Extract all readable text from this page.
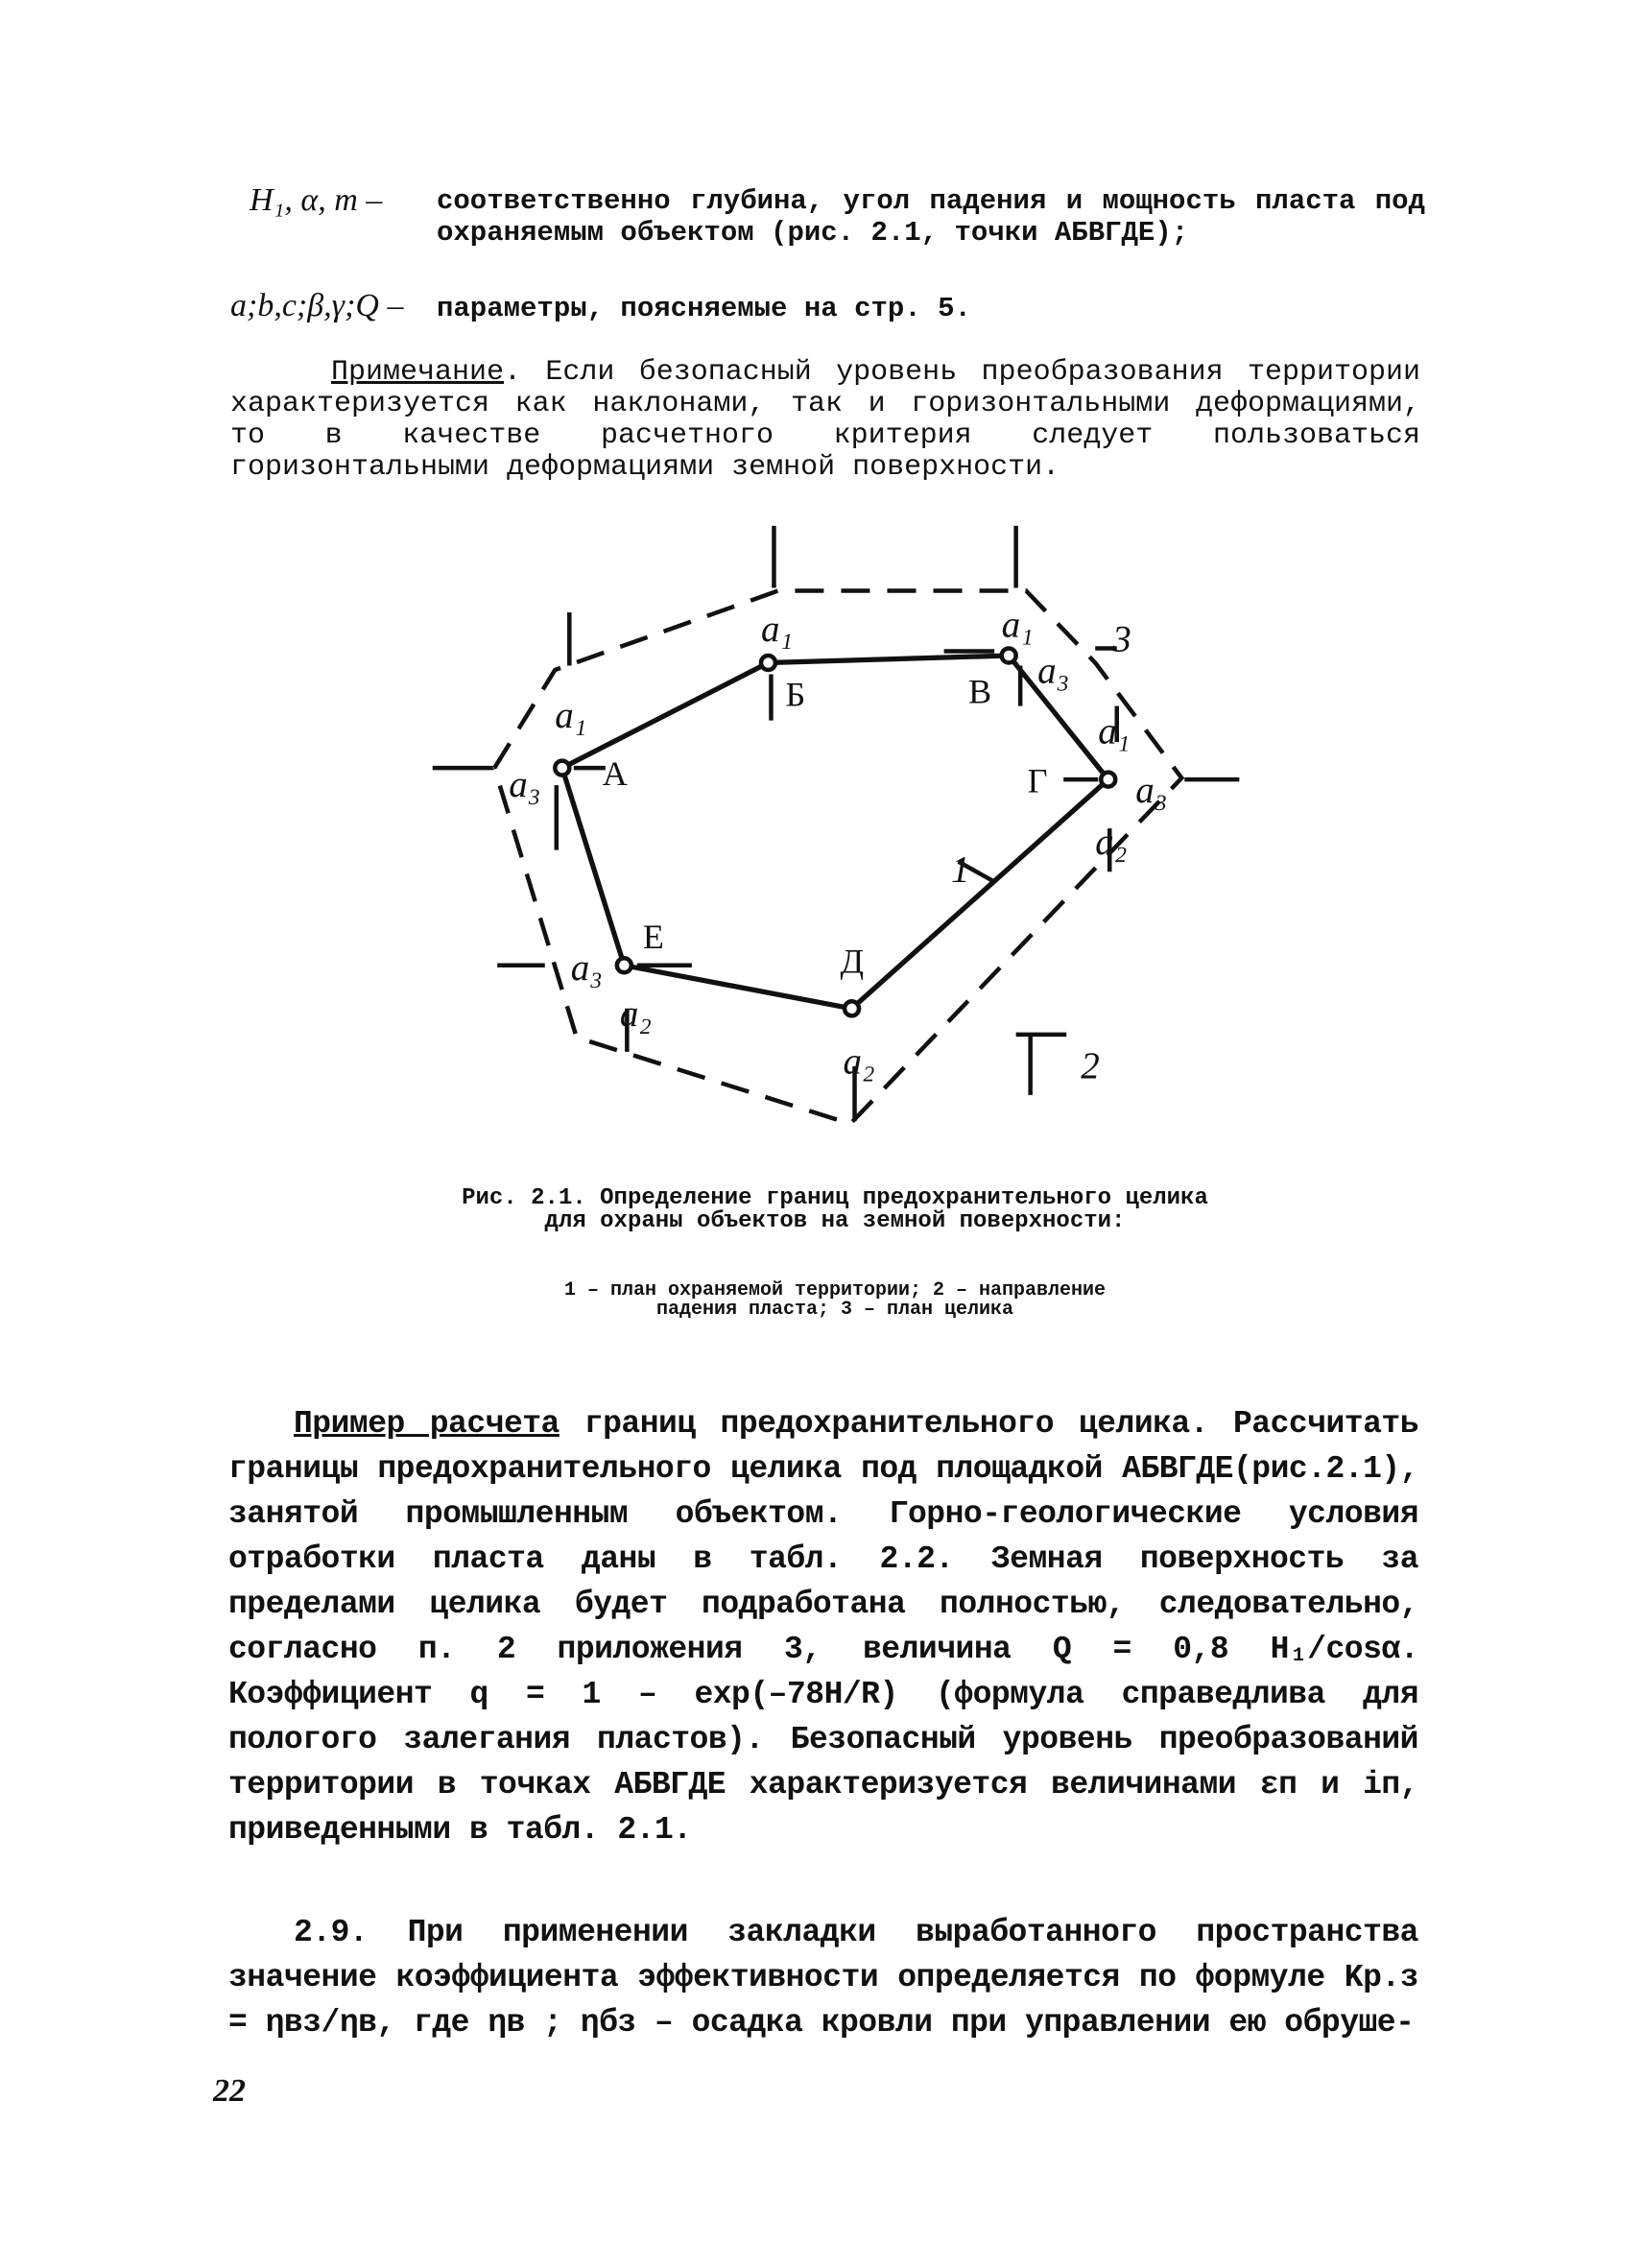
H₁, α, m – соответственно глубина, угол падения и мощность пласта под охраняемым объектом (рис. 2.1, точки АБВГДЕ);
a;b,c;β,γ;Q – параметры, поясняемые на стр. 5.
Примечание. Если безопасный уровень преобразования территории характеризуется как наклонами, так и горизонтальными деформациями, то в качестве расчетного критерия следует пользоваться горизонтальными деформациями земной поверхности.
А
Б	В
Г
Д
Е
a₁
a₃
a₁	a₁
a₃
a₁
a₃
a₂
a₃
a₂
a₂
1
2
3
Рис. 2.1. Определение границ предохранительного целика для охраны объектов на земной поверхности:
1 – план охраняемой территории; 2 – направление падения пласта; 3 – план целика
Пример расчета границ предохранительного целика. Рассчитать границы предохранительного целика под площадкой АБВГДЕ(рис.2.1), занятой промышленным объектом. Горно-геологические условия отработки пласта даны в табл. 2.2. Земная поверхность за пределами целика будет подработана полностью, следовательно, согласно п. 2 приложения 3, величина Q = 0,8 H₁/cosα. Коэффициент q = 1 – exp(–78H/R) (формула справедлива для пологого залегания пластов). Безопасный уровень преобразований территории в точках АБВГДЕ характеризуется величинами εп и iп, приведенными в табл. 2.1.
2.9. При применении закладки выработанного пространства значение коэффициента эффективности определяется по формуле Kр.з = ηвз/ηв, где ηв ; ηбз – осадка кровли при управлении ею обруше-
22
